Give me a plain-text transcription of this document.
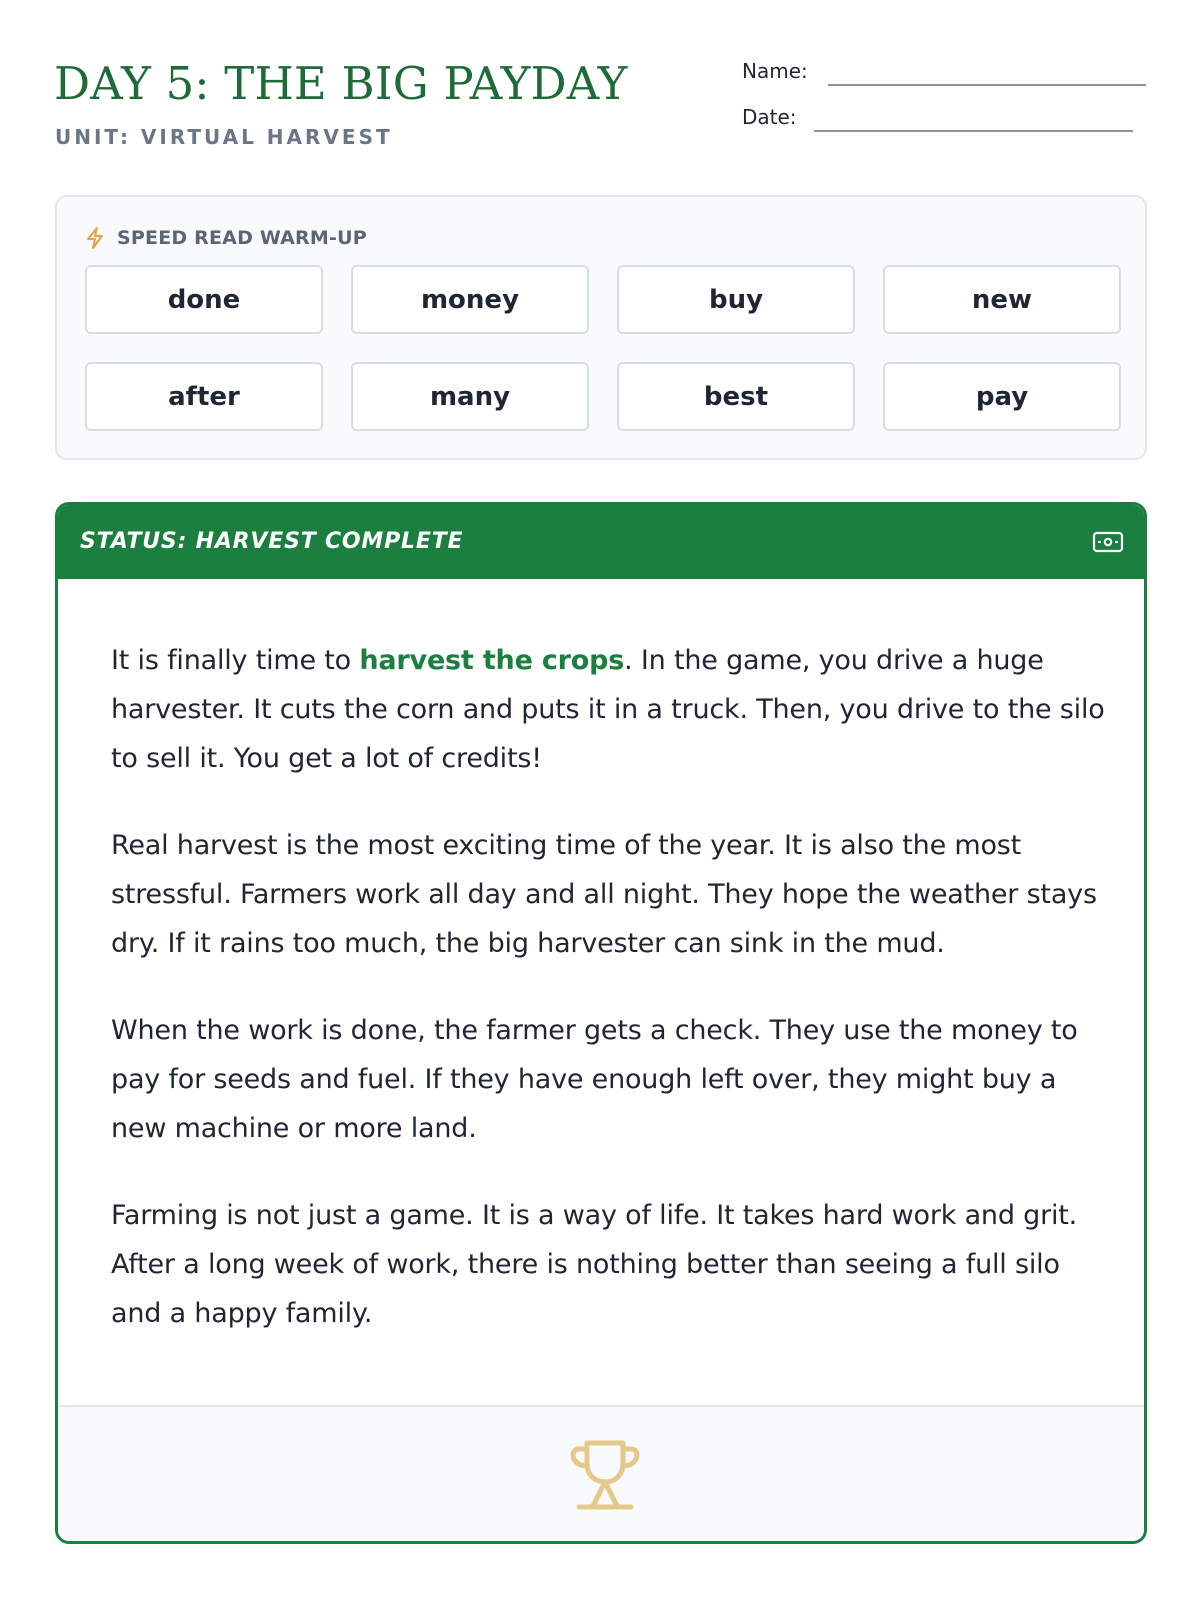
DAY 5: THE BIG PAYDAY
UNIT: VIRTUAL HARVEST
Name:
Date:
SPEED READ WARM-UP
done	money	buy	new
after	many	best	pay
STATUS: HARVEST COMPLETE

It is finally time to harvest the crops. In the game, you drive a huge harvester. It cuts the corn and puts it in a truck. Then, you drive to the silo to sell it. You get a lot of credits!

Real harvest is the most exciting time of the year. It is also the most stressful. Farmers work all day and all night. They hope the weather stays dry. If it rains too much, the big harvester can sink in the mud.

When the work is done, the farmer gets a check. They use the money to pay for seeds and fuel. If they have enough left over, they might buy a new machine or more land.

Farming is not just a game. It is a way of life. It takes hard work and grit. After a long week of work, there is nothing better than seeing a full silo and a happy family.
